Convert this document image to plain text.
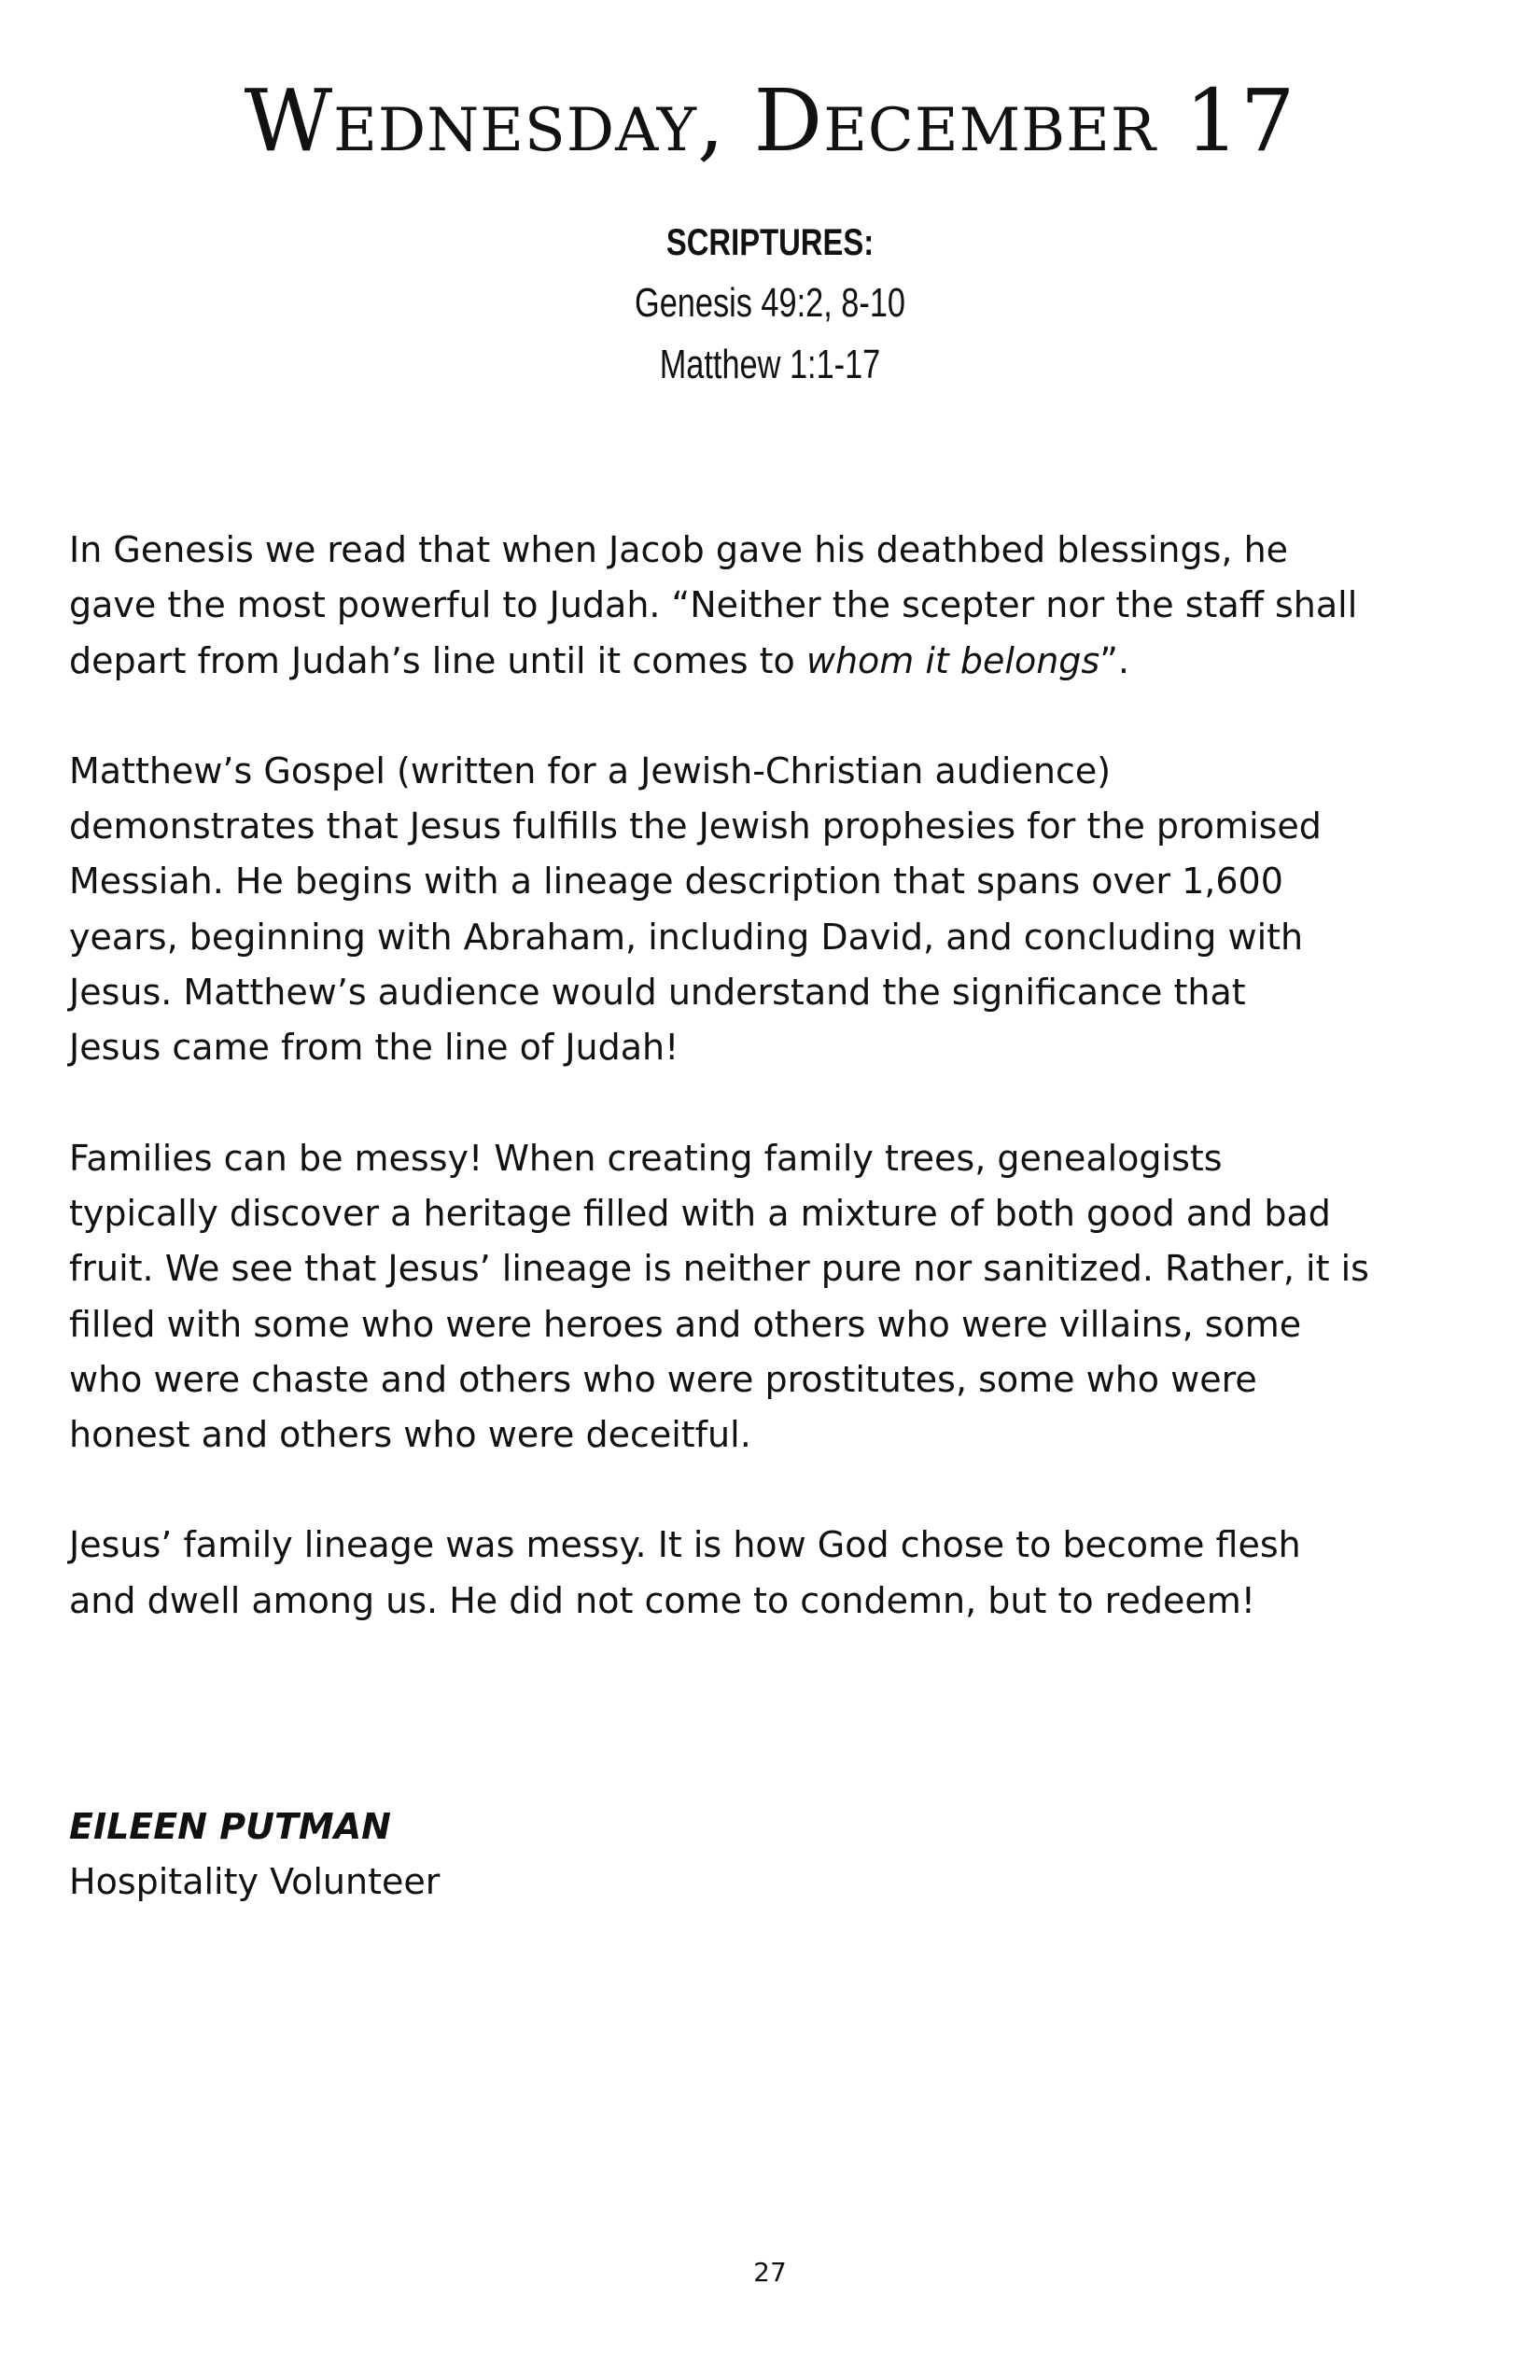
Wednesday, December 17
SCRIPTURES:
Genesis 49:2, 8-10
Matthew 1:1-17

In Genesis we read that when Jacob gave his deathbed blessings, he
gave the most powerful to Judah. “Neither the scepter nor the staff shall
depart from Judah’s line until it comes to whom it belongs”.

Matthew’s Gospel (written for a Jewish-Christian audience)
demonstrates that Jesus fulfills the Jewish prophesies for the promised
Messiah. He begins with a lineage description that spans over 1,600
years, beginning with Abraham, including David, and concluding with
Jesus. Matthew’s audience would understand the significance that
Jesus came from the line of Judah!

Families can be messy! When creating family trees, genealogists
typically discover a heritage filled with a mixture of both good and bad
fruit. We see that Jesus’ lineage is neither pure nor sanitized. Rather, it is
filled with some who were heroes and others who were villains, some
who were chaste and others who were prostitutes, some who were
honest and others who were deceitful.

Jesus’ family lineage was messy. It is how God chose to become flesh
and dwell among us. He did not come to condemn, but to redeem!

EILEEN PUTMAN
Hospitality Volunteer
27
